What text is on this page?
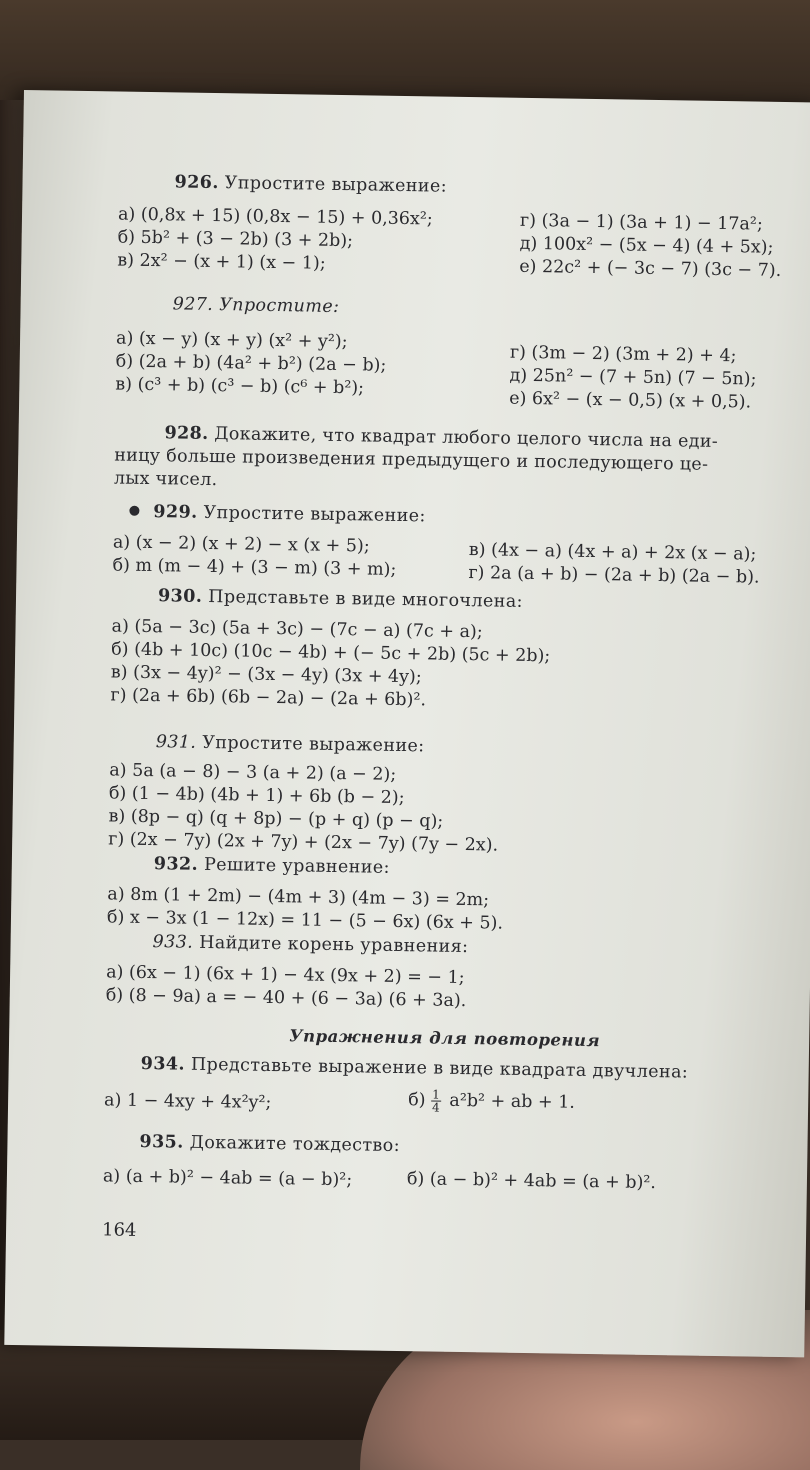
926. Упростите выражение:
а) (0,8x + 15) (0,8x − 15) + 0,36x²;
б) 5b² + (3 − 2b) (3 + 2b);
в) 2x² − (x + 1) (x − 1);
г) (3a − 1) (3a + 1) − 17a²;
д) 100x² − (5x − 4) (4 + 5x);
е) 22c² + (− 3c − 7) (3c − 7).
927. Упростите:
а) (x − y) (x + y) (x² + y²);
б) (2a + b) (4a² + b²) (2a − b);
в) (c³ + b) (c³ − b) (c⁶ + b²);
г) (3m − 2) (3m + 2) + 4;
д) 25n² − (7 + 5n) (7 − 5n);
е) 6x² − (x − 0,5) (x + 0,5).
928. Докажите, что квадрат любого целого числа на еди-
ницу больше произведения предыдущего и последующего це-
лых чисел.
929. Упростите выражение:
а) (x − 2) (x + 2) − x (x + 5);
б) m (m − 4) + (3 − m) (3 + m);
в) (4x − a) (4x + a) + 2x (x − a);
г) 2a (a + b) − (2a + b) (2a − b).
930. Представьте в виде многочлена:
а) (5a − 3c) (5a + 3c) − (7c − a) (7c + a);
б) (4b + 10c) (10c − 4b) + (− 5c + 2b) (5c + 2b);
в) (3x − 4y)² − (3x − 4y) (3x + 4y);
г) (2a + 6b) (6b − 2a) − (2a + 6b)².
931. Упростите выражение:
а) 5a (a − 8) − 3 (a + 2) (a − 2);
б) (1 − 4b) (4b + 1) + 6b (b − 2);
в) (8p − q) (q + 8p) − (p + q) (p − q);
г) (2x − 7y) (2x + 7y) + (2x − 7y) (7y − 2x).
932. Решите уравнение:
а) 8m (1 + 2m) − (4m + 3) (4m − 3) = 2m;
б) x − 3x (1 − 12x) = 11 − (5 − 6x) (6x + 5).
933. Найдите корень уравнения:
а) (6x − 1) (6x + 1) − 4x (9x + 2) = − 1;
б) (8 − 9a) a = − 40 + (6 − 3a) (6 + 3a).
Упражнения для повторения
934. Представьте выражение в виде квадрата двучлена:
а) 1 − 4xy + 4x²y²;	$б) \frac{1}{4} a^2b^2$ + ab + 1.
935. Докажите тождество:
а) (a + b)² − 4ab = (a − b)²;	б) (a − b)² + 4ab = (a + b)².
164
